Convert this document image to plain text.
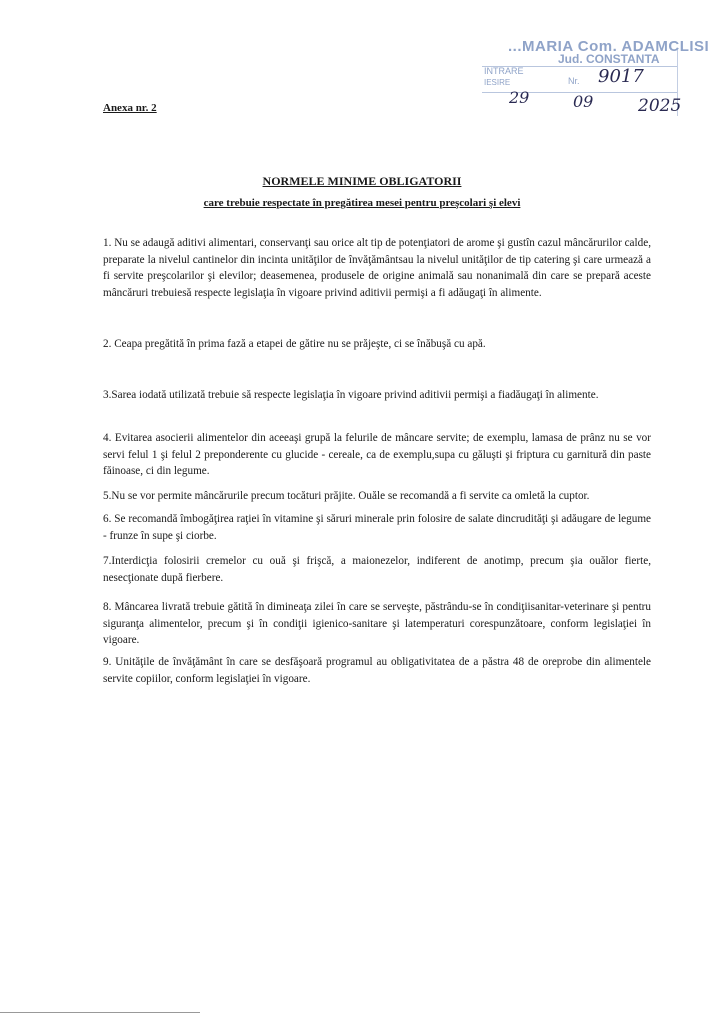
...MARIA Com. ADAMCLISI
Jud. CONSTANTA
INTRARE
Nr.
IESIRE	9017
29	09	2025
Anexa nr. 2
NORMELE MINIME OBLIGATORII
care trebuie respectate în pregătirea mesei pentru preşcolari şi elevi

1. Nu se adaugă aditivi alimentari, conservanţi sau orice alt tip de potenţiatori de arome şi gustîn cazul mâncărurilor calde, preparate la nivelul cantinelor din incinta unităţilor de învăţământsau la nivelul unităţilor de tip catering şi care urmează a fi servite preşcolarilor şi elevilor; deasemenea, produsele de origine animală sau nonanimală din care se prepară aceste mâncăruri trebuiesă respecte legislaţia în vigoare privind aditivii permişi a fi adăugaţi în alimente.

2. Ceapa pregătită în prima fază a etapei de gătire nu se prăjeşte, ci se înăbuşă cu apă.

3.Sarea iodată utilizată trebuie să respecte legislaţia în vigoare privind aditivii permişi a fiadăugaţi în alimente.

4. Evitarea asocierii alimentelor din aceeaşi grupă la felurile de mâncare servite; de exemplu, lamasa de prânz nu se vor servi felul 1 şi felul 2 preponderente cu glucide - cereale, ca de exemplu,supa cu găluşti şi friptura cu garnitură din paste făinoase, ci din legume.

5.Nu se vor permite mâncărurile precum tocături prăjite. Ouăle se recomandă a fi servite ca omletă la cuptor.

6. Se recomandă îmbogăţirea raţiei în vitamine şi săruri minerale prin folosire de salate dincrudităţi şi adăugare de legume - frunze în supe şi ciorbe.

7.Interdicţia folosirii cremelor cu ouă şi frişcă, a maionezelor, indiferent de anotimp, precum şia ouălor fierte, nesecţionate după fierbere.

8. Mâncarea livrată trebuie gătită în dimineaţa zilei în care se serveşte, păstrându-se în condiţiisanitar-veterinare şi pentru siguranţa alimentelor, precum şi în condiţii igienico-sanitare şi latemperaturi corespunzătoare, conform legislaţiei în vigoare.

9. Unităţile de învăţământ în care se desfăşoară programul au obligativitatea de a păstra 48 de oreprobe din alimentele servite copiilor, conform legislaţiei în vigoare.
